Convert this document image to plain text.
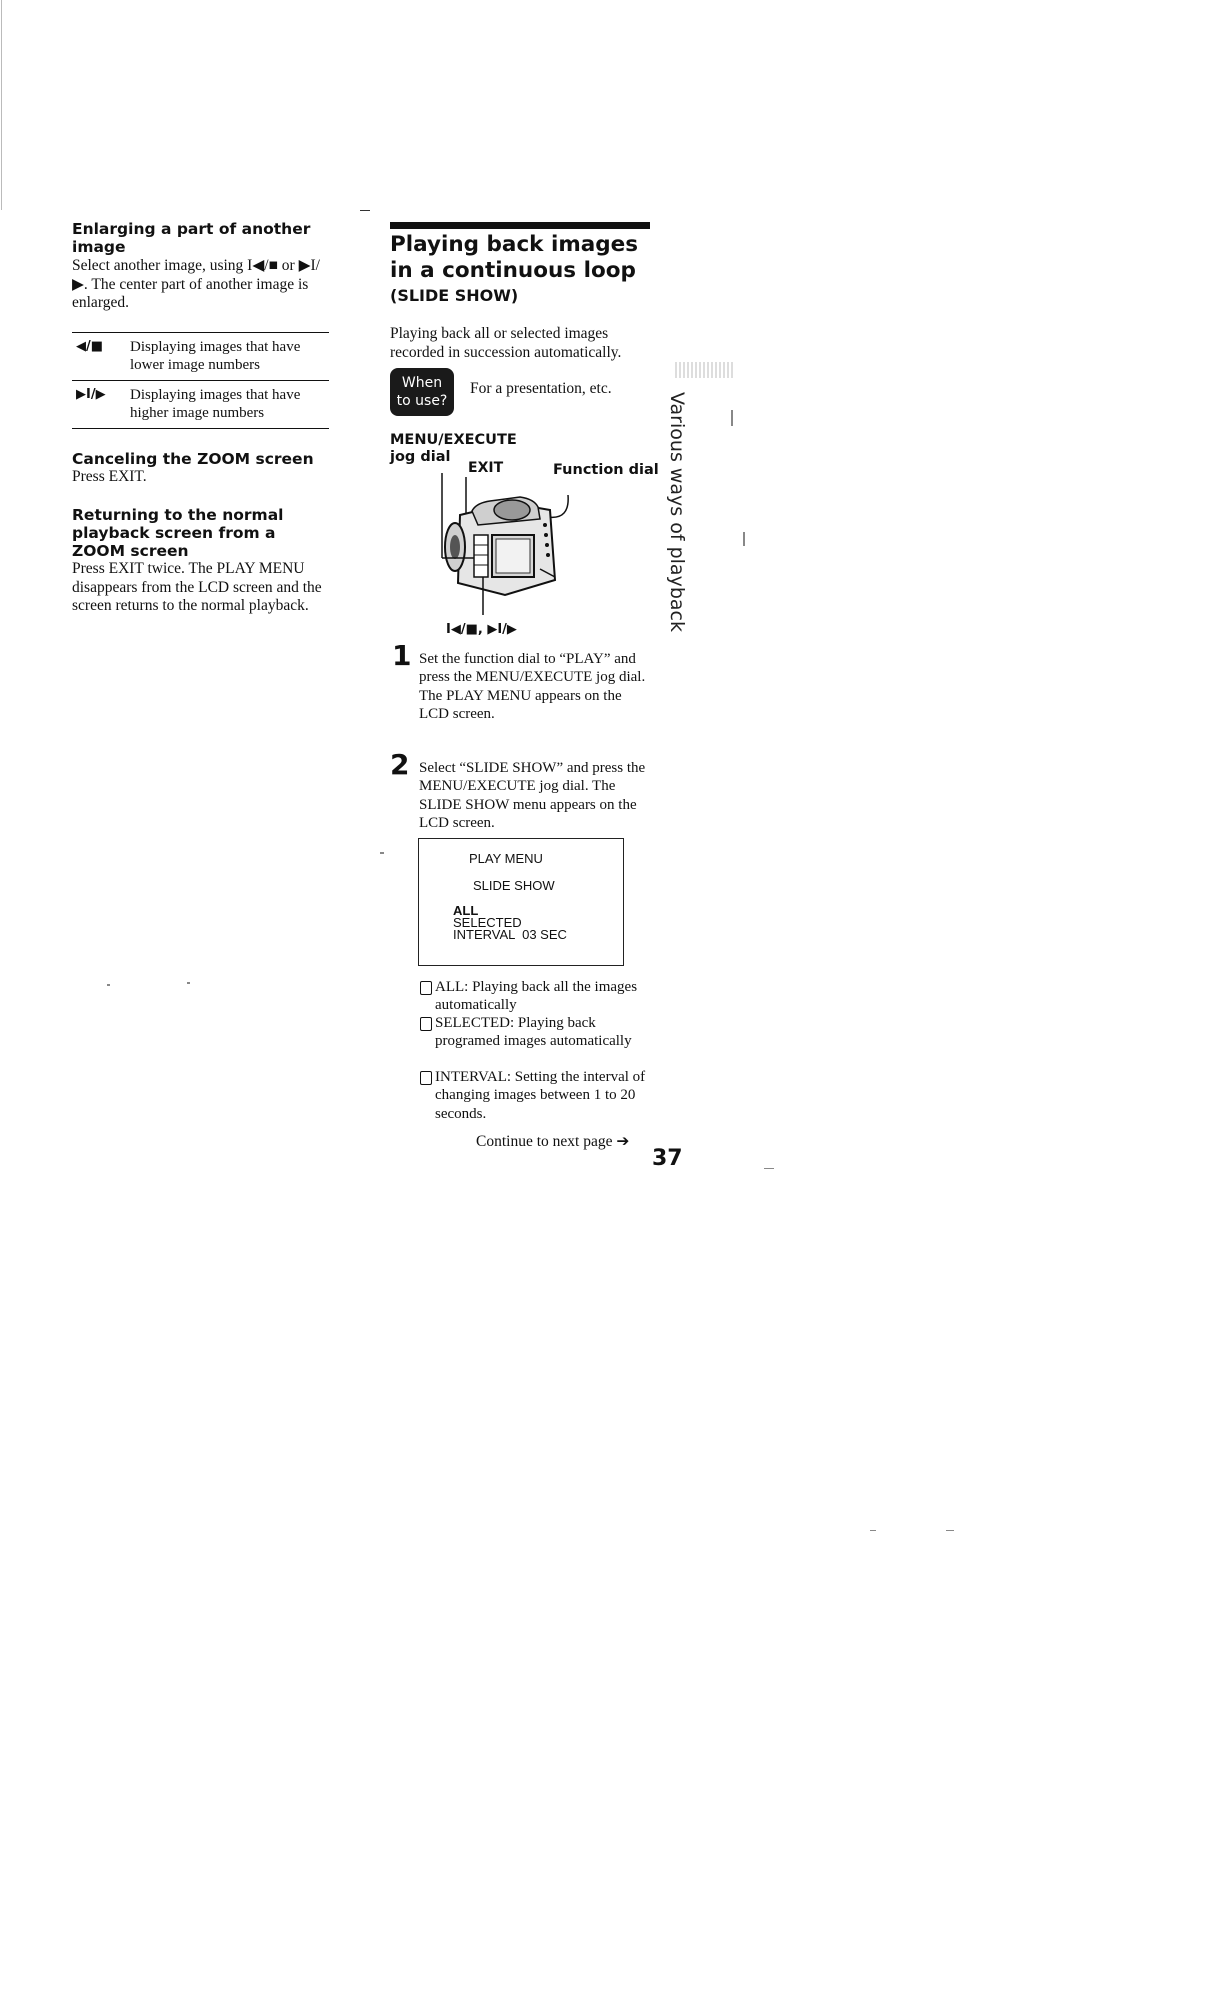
Enlarging a part of another image
Select another image, using I◀/■ or ▶I/▶. The center part of another image is enlarged.
◀/■ Displaying images that have lower image numbers
▶I/▶ Displaying images that have higher image numbers
Canceling the ZOOM screen
Press EXIT.
Returning to the normal playback screen from a ZOOM screen
Press EXIT twice. The PLAY MENU disappears from the LCD screen and the screen returns to the normal playback.
Playing back images in a continuous loop
(SLIDE SHOW)
Playing back all or selected images recorded in succession automatically.
When to use?
For a presentation, etc.
MENU/EXECUTE jog dial
EXIT	Function dial
I◀/■, ▶I/▶
1 Set the function dial to “PLAY” and press the MENU/EXECUTE jog dial. The PLAY MENU appears on the LCD screen.
2 Select “SLIDE SHOW” and press the MENU/EXECUTE jog dial. The SLIDE SHOW menu appears on the LCD screen.
PLAY MENU
SLIDE SHOW
ALL
SELECTED
INTERVAL  03 SEC
ALL: Playing back all the images automatically
SELECTED: Playing back programed images automatically
INTERVAL: Setting the interval of changing images between 1 to 20 seconds.
Continue to next page ➔
37
Various ways of playback
